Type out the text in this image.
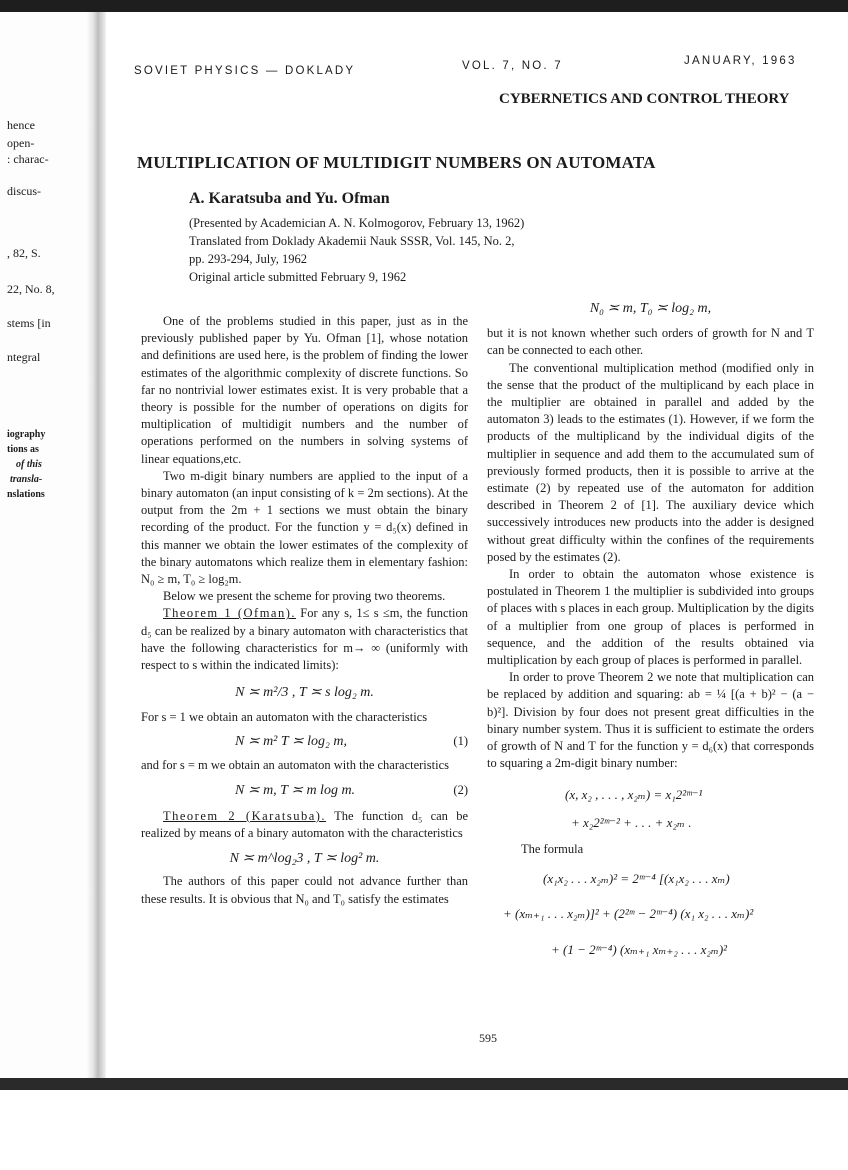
hence
open-
: charac-
discus-
, 82, S.
22, No. 8,
stems [in
ntegral
iography
tions as
of this
transla-
nslations
SOVIET PHYSICS — DOKLADY	VOL. 7, NO. 7	JANUARY, 1963
CYBERNETICS AND CONTROL THEORY
MULTIPLICATION OF MULTIDIGIT NUMBERS ON AUTOMATA
A. Karatsuba and Yu. Ofman
(Presented by Academician A. N. Kolmogorov, February 13, 1962)
Translated from Doklady Akademii Nauk SSSR, Vol. 145, No. 2,
pp. 293-294, July, 1962
Original article submitted February 9, 1962

One of the problems studied in this paper, just as in the previously published paper by Yu. Ofman [1], whose notation and definitions are used here, is the problem of finding the lower estimates of the algorithmic complexity of discrete functions. So far no nontrivial lower estimates exist. It is very probable that a theory is possible for the number of operations on digits for multiplication of multidigit numbers and the number of operations performed on the numbers in solving systems of linear equations,etc.

Two m-digit binary numbers are applied to the input of a binary automaton (an input consisting of k = 2m sections). At the output from the 2m + 1 sections we must obtain the binary recording of the product. For the function y = d₅(x) defined in this manner we obtain the lower estimates of the complexity of the binary automatons which realize them in elementary fashion: N₀ ≥ m, T₀ ≥ log₂m.

Below we present the scheme for proving two theorems.

Theorem 1 (Ofman). For any s, 1≤ s ≤m, the function d₅ can be realized by a binary automaton with characteristics that have the following characteristics for m→ ∞ (uniformly with respect to s within the indicated limits):

N ≍ m²/3 , T ≍ s log₂ m.

For s = 1 we obtain an automaton with the characteristics

N ≍ m² T ≍ log₂ m,	(1)

and for s = m we obtain an automaton with the characteristics

N ≍ m, T ≍ m log m.	(2)

Theorem 2 (Karatsuba). The function d₅ can be realized by means of a binary automaton with the characteristics

N ≍ m^log₂3 , T ≍ log² m.

The authors of this paper could not advance further than these results. It is obvious that N₀ and T₀ satisfy the estimates

N₀ ≍ m, T₀ ≍ log₂ m,

but it is not known whether such orders of growth for N and T can be connected to each other.

The conventional multiplication method (modified only in the sense that the product of the multiplicand by each place in the multiplier are obtained in parallel and added by the automaton 3) leads to the estimates (1). However, if we form the products of the multiplicand by the individual digits of the multiplier in sequence and add them to the accumulated sum of previously formed products, then it is possible to arrive at the estimate (2) by repeated use of the automaton for addition described in Theorem 2 of [1]. The auxiliary device which successively introduces new products into the adder is designed without great difficulty within the confines of the requirements posed by the estimates (2).

In order to obtain the automaton whose existence is postulated in Theorem 1 the multiplier is subdivided into groups of places with s places in each group. Multiplication by the digits of a multiplier from one group of places is performed in sequence, and the addition of the results obtained via multiplication by each group of places is performed in parallel.

In order to prove Theorem 2 we note that multiplication can be replaced by addition and squaring: ab = ¼ [(a + b)² − (a − b)²]. Division by four does not present great difficulties in the binary number system. Thus it is sufficient to estimate the orders of growth of N and T for the function y = d₆(x) that corresponds to squaring a 2m-digit binary number:

(x, x₂ , . . . , x₂ₘ) = x₁2²ᵐ⁻¹
+ x₂2²ᵐ⁻² + . . . + x₂ₘ .

The formula

(x₁x₂ . . . x₂ₘ)² = 2ᵐ⁻⁴ [(x₁x₂ . . . xₘ)
+ (xₘ₊₁ . . . x₂ₘ)]² + (2²ᵐ − 2ᵐ⁻⁴) (x₁ x₂ . . . xₘ)²
+ (1 − 2ᵐ⁻⁴) (xₘ₊₁ xₘ₊₂ . . . x₂ₘ)²
595
